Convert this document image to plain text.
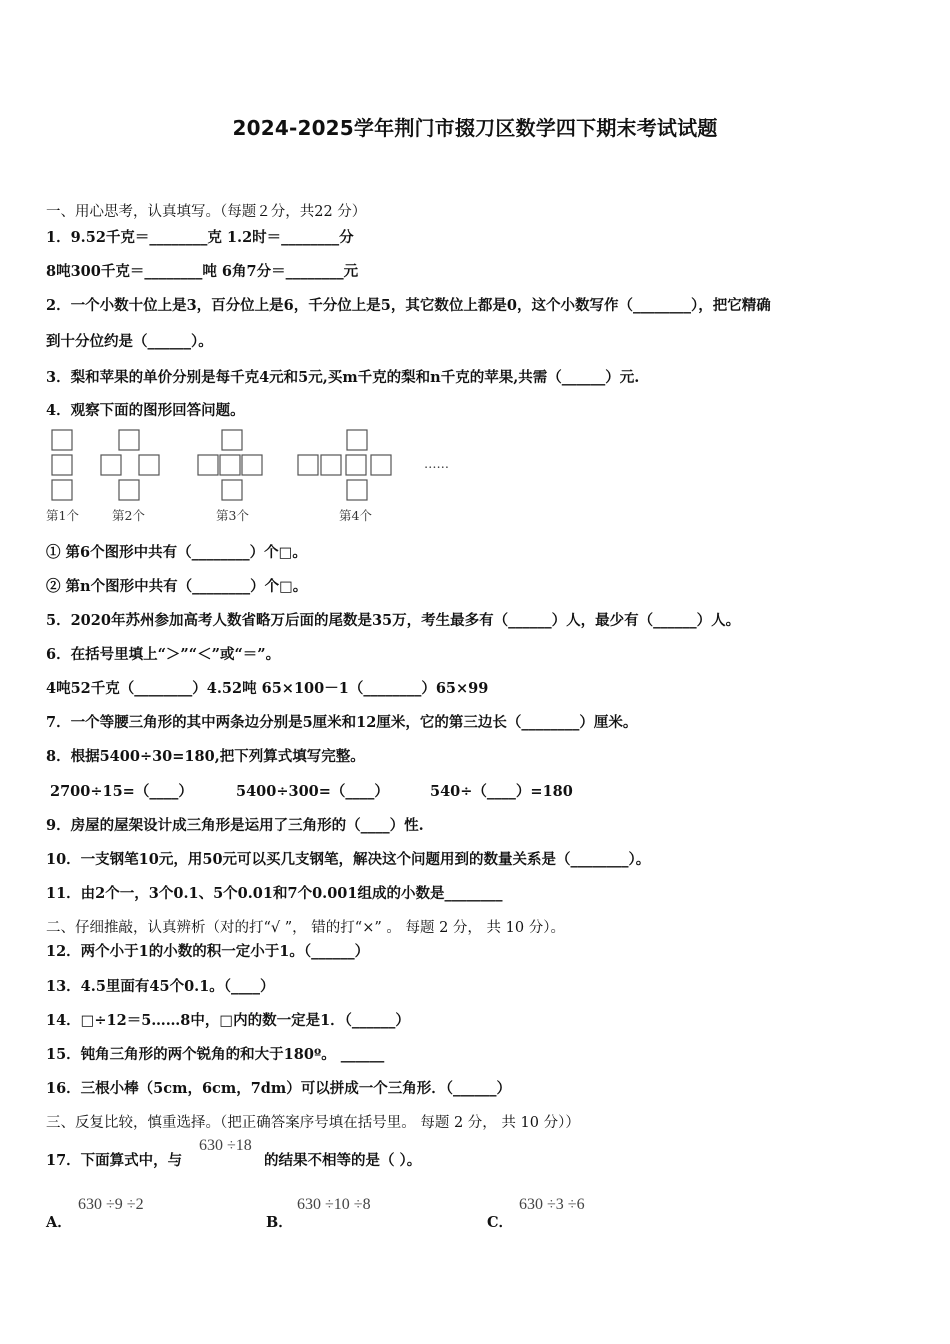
2024-2025学年荆门市掇刀区数学四下期末考试试题
一、用心思考，认真填写。（每题２分，共22 分）
1．9.52千克＝________克 1.2时＝________分
8吨300千克＝________吨 6角7分＝________元
2．一个小数十位上是3，百分位上是6，千分位上是5，其它数位上都是0，这个小数写作（________），把它精确
到十分位约是（______）。
3．梨和苹果的单价分别是每千克4元和5元,买m千克的梨和n千克的苹果,共需（______）元.
4．观察下面的图形回答问题。
第1个	第2个	第3个	第4个
……
① 第6个图形中共有（________）个□。
② 第n个图形中共有（________）个□。
5．2020年苏州参加高考人数省略万后面的尾数是35万，考生最多有（______）人，最少有（______）人。
6．在括号里填上“＞”“＜”或“＝”。
4吨52千克（________）4.52吨 65×100－1（________）65×99
7．一个等腰三角形的其中两条边分别是5厘米和12厘米，它的第三边长（________）厘米。
8．根据5400÷30=180,把下列算式填写完整。
2700÷15=（____）	5400÷300=（____）	540÷（____）=180
9．房屋的屋架设计成三角形是运用了三角形的（____）性.
10．一支钢笔10元，用50元可以买几支钢笔，解决这个问题用到的数量关系是（________）。
11．由2个一，3个0.1、5个0.01和7个0.001组成的小数是________
二、仔细推敲，认真辨析（对的打“√ ”， 错的打“×” 。 每题 2 分， 共 10 分）。
12．两个小于1的小数的积一定小于1。（______）
13．4.5里面有45个0.1。（____）
14．□÷12＝5……8中，□内的数一定是1．（______）
15．钝角三角形的两个锐角的和大于180º。 ______
16．三根小棒（5cm，6cm，7dm）可以拼成一个三角形．（______）
三、反复比较，慎重选择。（把正确答案序号填在括号里。 每题 2 分， 共 10 分））
17．下面算式中，与
630 ÷18
的结果不相等的是（ ）。
A．
630 ÷9 ÷2
B．
630 ÷10 ÷8
C．
630 ÷3 ÷6
